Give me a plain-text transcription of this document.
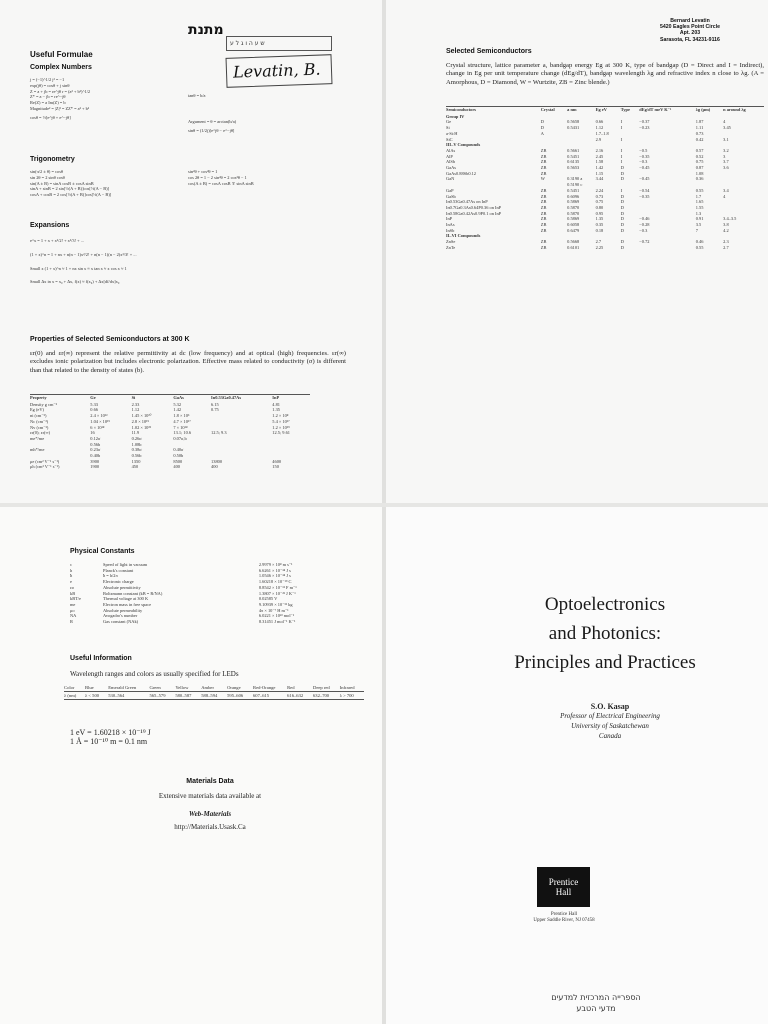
מתנת
ש ע ה ו ג ל ע
Levatin, B.
Useful Formulae
Complex Numbers
j = (−1)^1/2 j² = −1
exp(jθ) = cosθ + j sinθ
Z = a + jb = re^jθ r = (a² + b²)^1/2
Z* = a − jb = re^−jθ
Re(Z) = a Im(Z) = b
Magnitude² = |Z|² = ZZ* = a² + b²
cosθ = ½[e^jθ + e^−jθ]
tanθ = b/a
Argument = θ = arctan(b/a)
sinθ = (1/2j)[e^jθ − e^−jθ]
Trigonometry
sin(π/2 ± θ) = cosθ
sin 2θ = 2 sinθ cosθ
sin(A ± B) = sinA cosB ± cosA sinB
sinA + sinB = 2 sin[½(A + B)]cos[½(A − B)]
cosA + cosB = 2 cos[½(A + B)]cos[½(A − B)]
sin²θ + cos²θ = 1
cos 2θ = 1 − 2 sin²θ = 2 cos²θ − 1
cos(A ± B) = cosA cosB ∓ sinA sinB
Expansions
e^x = 1 + x + x²/2! + x³/3! + ...
(1 + x)^n = 1 + nx + n(n − 1)x²/2! + n(n − 1)(n − 2)x³/3! + ...
Small x (1 + x)^n ≈ 1 + nx sin x ≈ x tan x ≈ x cos x ≈ 1
Small Δx in x = x₀ + Δx, f(x) ≈ f(x₀) + Δx[df/dx]x₀
Properties of Selected Semiconductors at 300 K
εr(0) and εr(∞) represent the relative permittivity at dc (low frequency) and at optical (high) frequencies. εr(∞) excludes ionic polarization but includes electronic polarization. Effective mass related to conductivity (σ) is different than that related to the density of states (b).
Property	Ge	Si	GaAs	In0.53Ga0.47As	InP
Density g cm⁻³	5.33	2.33	5.32	6.15	4.81
Eg (eV)	0.66	1.12	1.42	0.75	1.35
ni (cm⁻³)	2.4 × 10¹³	1.45 × 10¹⁰	1.8 × 10⁶		1.2 × 10⁸
Nc (cm⁻³)	1.04 × 10¹⁹	2.8 × 10¹⁹	4.7 × 10¹⁷		5.4 × 10¹⁷
Nv (cm⁻³)	6 × 10¹⁸	1.02 × 10¹⁹	7 × 10¹⁸		1.2 × 10¹⁹
εr(0); εr(∞)	16	11.9	13.1; 10.6	12.5; 9.3	12.5; 9.61
me*/me	0.12σ	0.26σ	0.07σ,b		
	0.56b	1.08b			
mh*/me	0.23σ	0.38σ	0.40σ		
	0.40b	0.56b	0.50b		
μe (cm² V⁻¹ s⁻¹)	3900	1350	8500	13800	4600
μh (cm² V⁻¹ s⁻¹)	1900	450	400	400	150
Bernard Levatin
5420 Eagles Point Circle
Apt. 203
Sarasota, FL 34231-9116
Selected Semiconductors
Crystal structure, lattice parameter a, bandgap energy Eg at 300 K, type of bandgap (D = Direct and I = Indirect), change in Eg per unit temperature change (dEg/dT), bandgap wavelength λg and refractive index n close to λg. (A = Amorphous, D = Diamond, W = Wurtzite, ZB = Zinc blende.)
Semiconductors	Crystal	a nm	Eg eV	Type	dEg/dT meV K⁻¹	λg (μm)	n around λg
Group IV							
Ge	D	0.5658	0.66	I	−0.37	1.87	4
Si	D	0.5431	1.12	I	−0.23	1.11	3.45
a-Si:H	A		1.7–1.8			0.73	
SiC			2.9	I		0.42	3.1
III–V Compounds							
AlAs	ZB	0.5661	2.16	I	−0.5	0.57	3.2
AlP	ZB	0.5451	2.45	I	−0.35	0.52	3
AlSb	ZB	0.6135	1.58	I	−0.3	0.75	3.7
GaAs	ZB	0.5653	1.42	D	−0.45	0.87	3.6
GaAs0.88Sb0.12	ZB		1.15	D		1.08	
GaN	W	0.3190 a	3.44	D	−0.45	0.36	
		0.5190 c					
GaP	ZB	0.5451	2.24	I	−0.54	0.55	3.4
GaSb	ZB	0.6096	0.73	D	−0.35	1.7	4
In0.53Ga0.47As on InP	ZB	0.5869	0.75	D		1.65	
In0.7Ga0.3As0.64P0.36 on InP	ZB	0.5870	0.80	D		1.55	
In0.58Ga0.42As0.9P0.1 on InP	ZB	0.5870	0.95	D		1.3	
InP	ZB	0.5869	1.35	D	−0.46	0.91	3.4–3.5
InAs	ZB	0.6058	0.35	D	−0.28	3.5	3.8
InSb	ZB	0.6479	0.18	D	−0.3	7	4.2
II–VI Compounds							
ZnSe	ZB	0.5668	2.7	D	−0.72	0.46	2.3
ZnTe	ZB	0.6101	2.25	D		0.55	2.7
Physical Constants
c	Speed of light in vacuum	2.9979 × 10⁸ m s⁻¹
h	Planck's constant	6.6261 × 10⁻³⁴ J s
ħ	ħ = h/2π	1.0546 × 10⁻³⁴ J s
e	Electronic charge	1.60218 × 10⁻¹⁹ C
εo	Absolute permittivity	8.8542 × 10⁻¹² F m⁻¹
kB	Boltzmann constant (kB = R/NA)	1.3807 × 10⁻²³ J K⁻¹
kBT/e	Thermal voltage at 300 K	0.02585 V
me	Electron mass in free space	9.10939 × 10⁻³¹ kg
μo	Absolute permeability	4π × 10⁻⁷ H m⁻¹
NA	Avogadro's number	6.0221 × 10²³ mol⁻¹
R	Gas constant (NAk)	8.31451 J mol⁻¹ K⁻¹
Useful Information
Wavelength ranges and colors as usually specified for LEDs
Color	Blue	Emerald Green	Green	Yellow	Amber	Orange	Red-Orange	Red	Deep red	Infrared
λ (nm)	λ < 500	530–564	565–579	580–587	588–594	595–606	607–615	616–632	632–700	λ > 700
1 eV = 1.60218 × 10⁻¹⁹ J
1 Å = 10⁻¹⁰ m = 0.1 nm
Materials Data
Extensive materials data available at
Web-Materials
http://Materials.Usask.Ca
Optoelectronics
and Photonics:
Principles and Practices
S.O. Kasap
Professor of Electrical Engineering
University of Saskatchewan
Canada
Prentice
Hall
Prentice Hall
Upper Saddle River, NJ 07458
הספרייה המרכזית למדעים
מדעי הטבע
